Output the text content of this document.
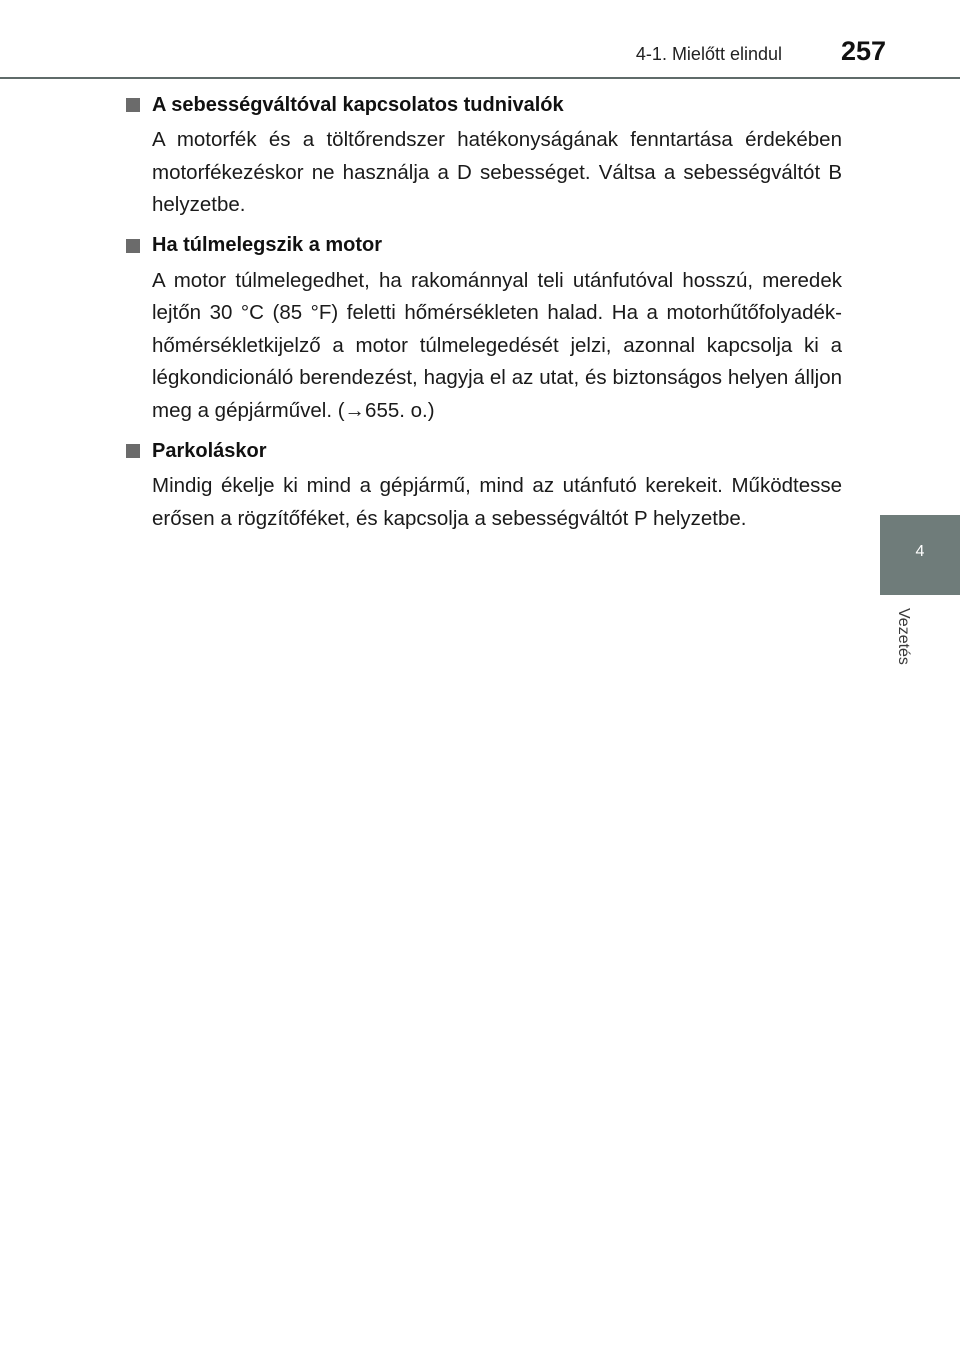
4-1. Mielőtt elindul 257
4
Vezetés
A sebességváltóval kapcsolatos tudnivalók
A motorfék és a töltőrendszer hatékonyságának fenntartása érdekében motorfékezéskor ne használja a D sebességet. Váltsa a sebességváltót B helyzetbe.
Ha túlmelegszik a motor
A motor túlmelegedhet, ha rakománnyal teli utánfutóval hosszú, meredek lejtőn 30 °C (85 °F) feletti hőmérsékleten halad. Ha a motorhűtőfolyadék-hőmérsékletkijelző a motor túlmelegedését jelzi, azonnal kapcsolja ki a légkondicionáló berendezést, hagyja el az utat, és biztonságos helyen álljon meg a gépjárművel. (→655. o.)
Parkoláskor
Mindig ékelje ki mind a gépjármű, mind az utánfutó kerekeit. Működtesse erősen a rögzítőféket, és kapcsolja a sebességváltót P helyzetbe.
